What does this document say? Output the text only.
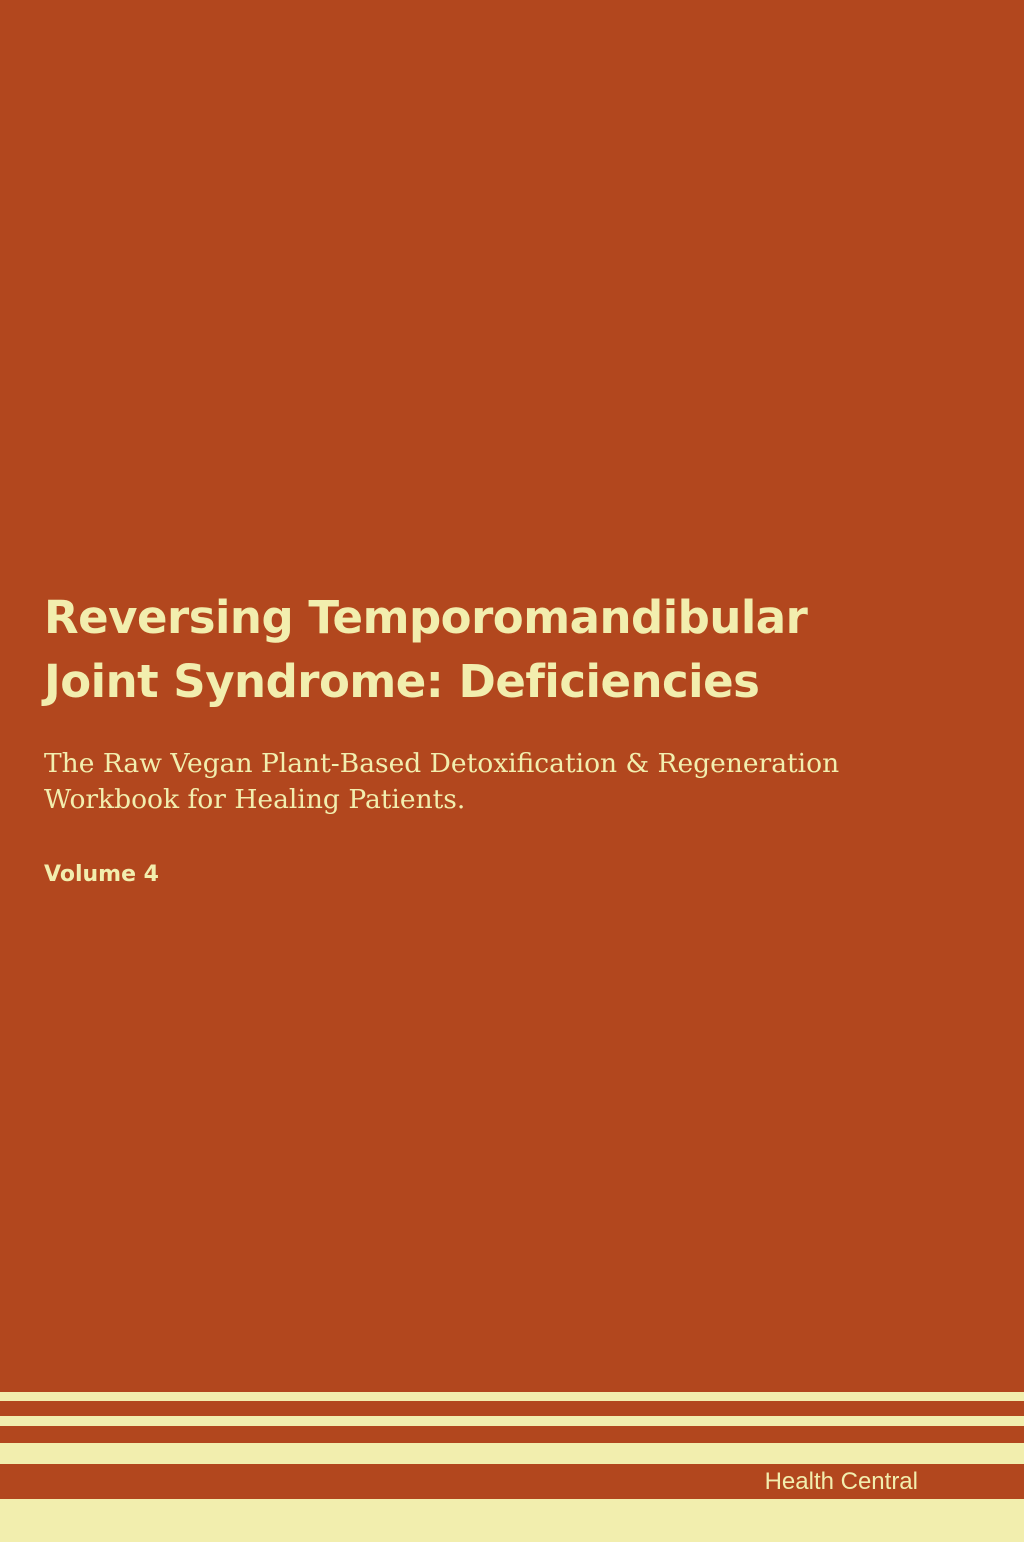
Reversing Temporomandibular
Joint Syndrome: Deficiencies

The Raw Vegan Plant-Based Detoxification & Regeneration
Workbook for Healing Patients.

Volume 4

Health Central
